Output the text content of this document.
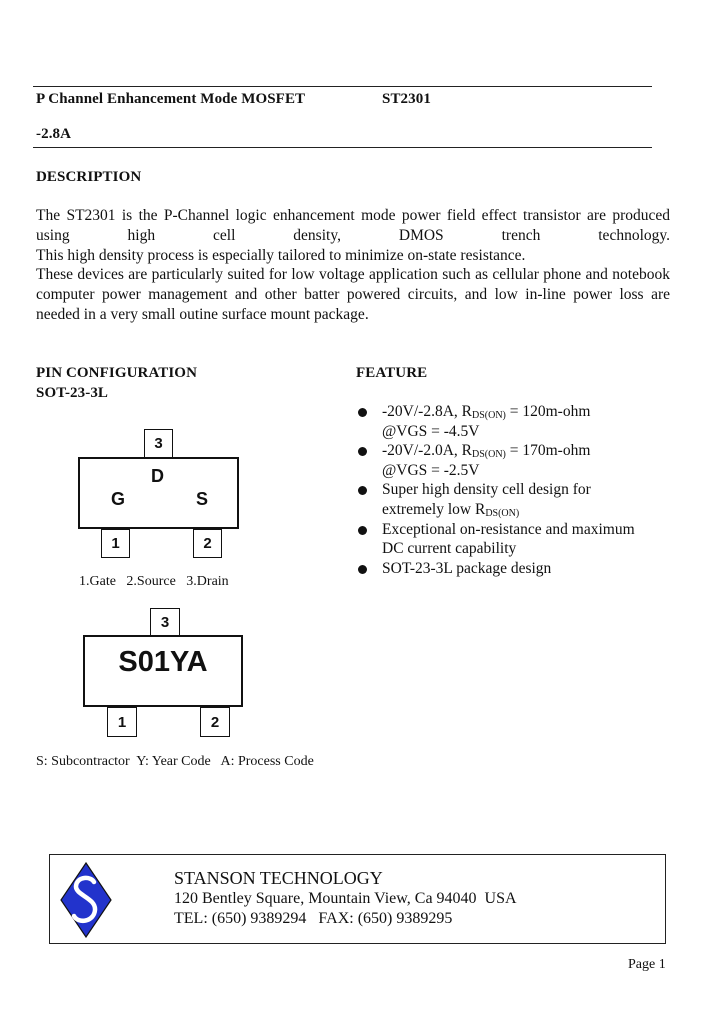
P Channel Enhancement Mode MOSFET	ST2301
-2.8A
DESCRIPTION

The ST2301 is the P-Channel logic enhancement mode power field effect transistor are produced using high cell density, DMOS trench technology.

This high density process is especially tailored to minimize on-state resistance.

These devices are particularly suited for low voltage application such as cellular phone and notebook computer power management and other batter powered circuits, and low in-line power loss are needed in a very small outine surface mount package.

PIN CONFIGURATION
SOT-23-3L
3
D
G	S
1	2
1.Gate   2.Source   3.Drain
3
S01YA
1	2
S: Subcontractor  Y: Year Code   A: Process Code
FEATURE
-20V/-2.8A, $R_{DS(ON)} = 120m-ohm$
@VGS = -4.5V
-20V/-2.0A, $R_{DS(ON)} = 170m-ohm$
@VGS = -2.5V
Super high density cell design for
extremely low $R_{DS(ON)}$
Exceptional on-resistance and maximum
DC current capability
SOT-23-3L package design
STANSON TECHNOLOGY
120 Bentley Square, Mountain View, Ca 94040  USA
TEL: (650) 9389294   FAX: (650) 9389295
Page 1
